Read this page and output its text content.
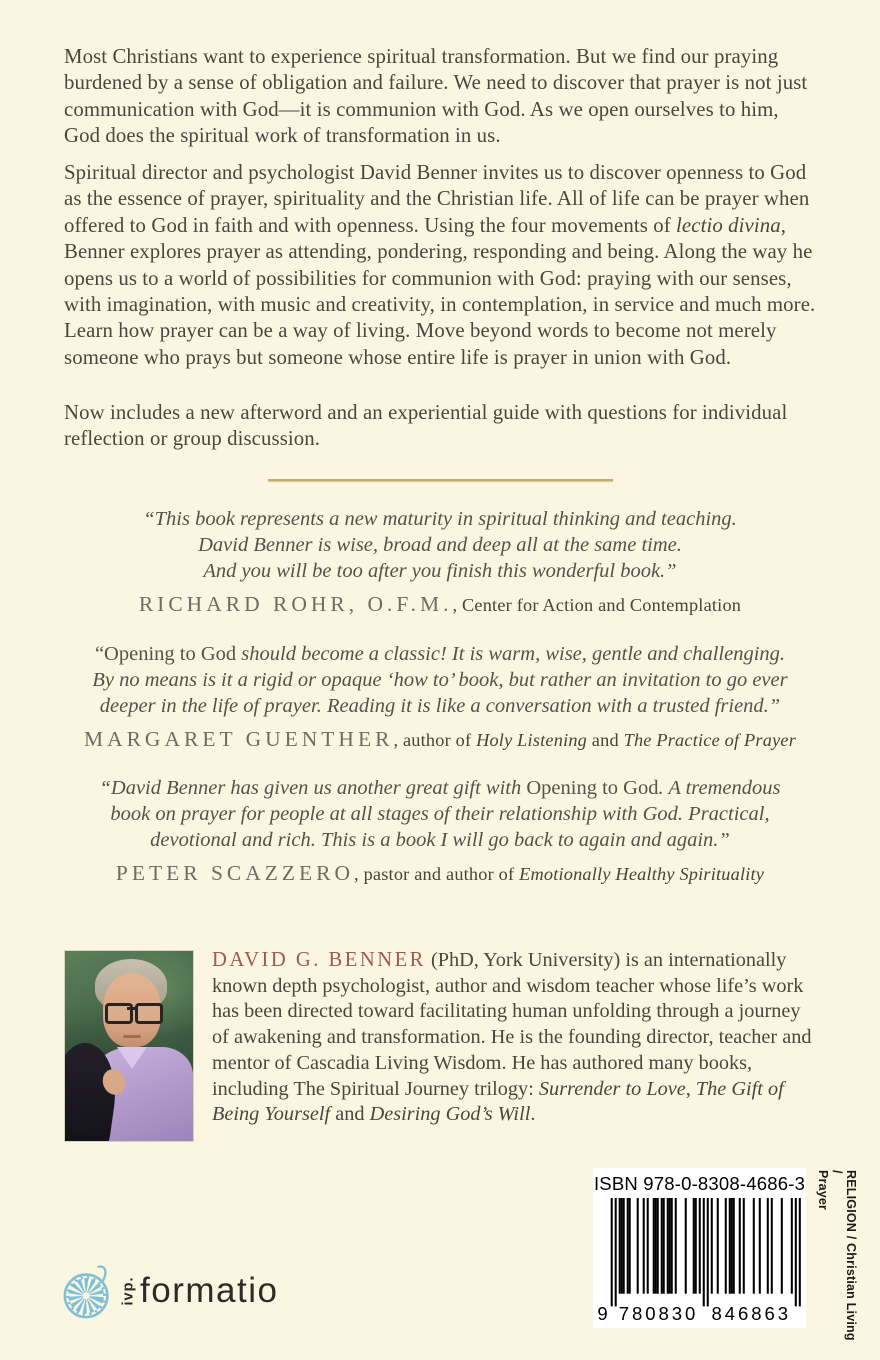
Most Christians want to experience spiritual transformation. But we find our praying burdened by a sense of obligation and failure. We need to discover that prayer is not just communication with God—it is communion with God. As we open ourselves to him, God does the spiritual work of transformation in us.

Spiritual director and psychologist David Benner invites us to discover openness to God as the essence of prayer, spirituality and the Christian life. All of life can be prayer when offered to God in faith and with openness. Using the four movements of lectio divina, Benner explores prayer as attending, pondering, responding and being. Along the way he opens us to a world of possibilities for communion with God: praying with our senses, with imagination, with music and creativity, in contemplation, in service and much more. Learn how prayer can be a way of living. Move beyond words to become not merely someone who prays but someone whose entire life is prayer in union with God.

Now includes a new afterword and an experiential guide with questions for individual reflection or group discussion.

“This book represents a new maturity in spiritual thinking and teaching.
David Benner is wise, broad and deep all at the same time.
And you will be too after you finish this wonderful book.”
RICHARD ROHR, O.F.M., Center for Action and Contemplation
“Opening to God should become a classic! It is warm, wise, gentle and challenging.
By no means is it a rigid or opaque ‘how to’ book, but rather an invitation to go ever
deeper in the life of prayer. Reading it is like a conversation with a trusted friend.”
MARGARET GUENTHER, author of Holy Listening and The Practice of Prayer
“David Benner has given us another great gift with Opening to God. A tremendous
book on prayer for people at all stages of their relationship with God. Practical,
devotional and rich. This is a book I will go back to again and again.”
PETER SCAZZERO, pastor and author of Emotionally Healthy Spirituality

DAVID G. BENNER (PhD, York University) is an internationally known depth psychologist, author and wisdom teacher whose life’s work has been directed toward facilitating human unfolding through a journey of awakening and transformation. He is the founding director, teacher and mentor of Cascadia Living Wisdom. He has authored many books, including The Spiritual Journey trilogy: Surrender to Love, The Gift of Being Yourself and Desiring God’s Will.

ISBN 978-0-8308-4686-3
9 780830 846863	RELIGION / Christian Living /
Prayer
ivp. formatio
